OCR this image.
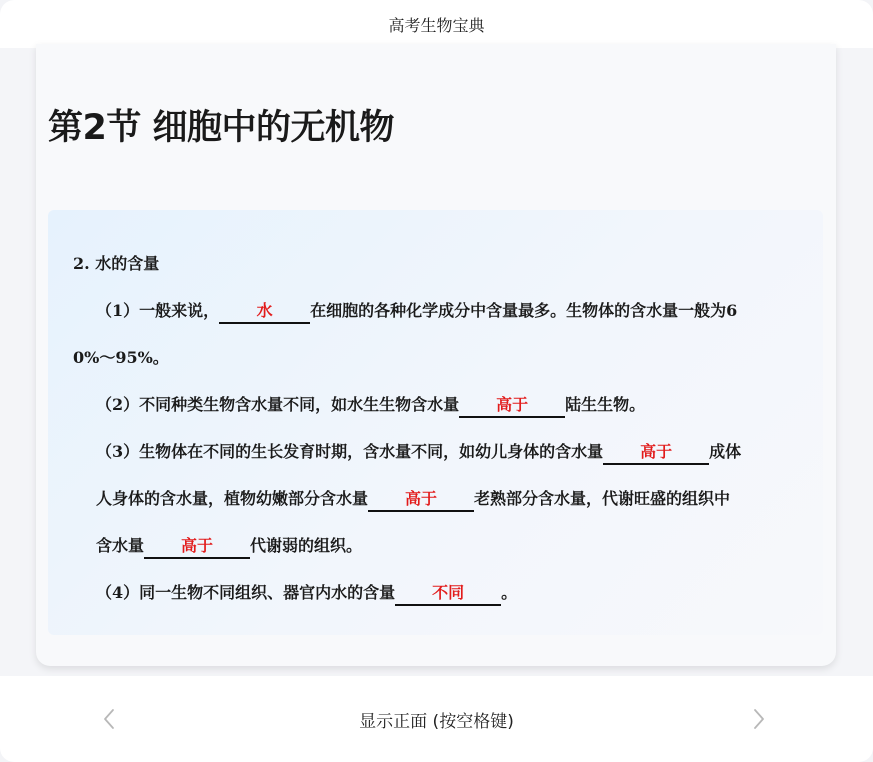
高考生物宝典
第2节 细胞中的无机物
2. 水的含量
（1）一般来说， 水 在细胞的各种化学成分中含量最多。生物体的含水量一般为6
0%～95%。
（2）不同种类生物含水量不同，如水生生物含水量 高于 陆生生物。
（3）生物体在不同的生长发育时期，含水量不同，如幼儿身体的含水量 高于 成体
人身体的含水量，植物幼嫩部分含水量 高于 老熟部分含水量，代谢旺盛的组织中
含水量 高于 代谢弱的组织。
（4）同一生物不同组织、器官内水的含量 不同 。
显示正面 (按空格键)
